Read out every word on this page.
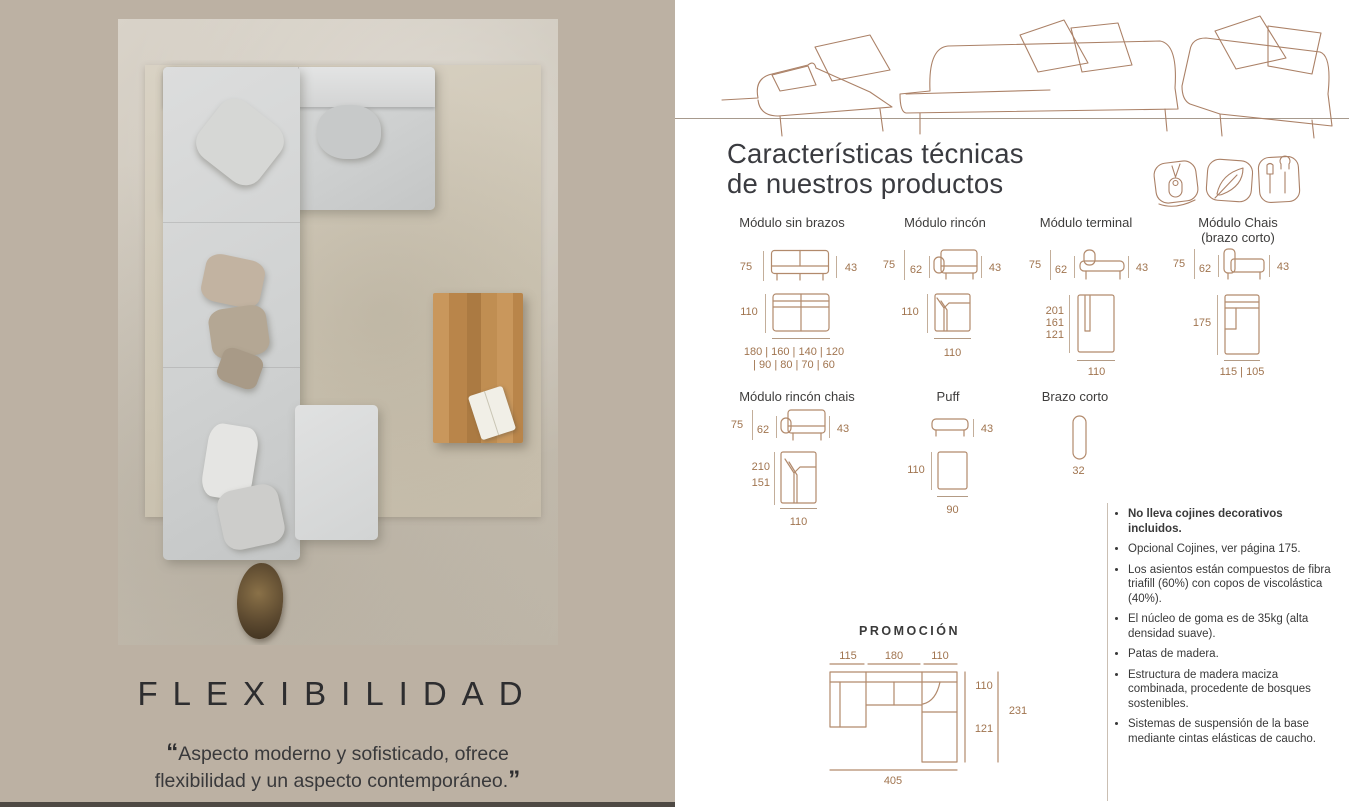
FLEXIBILIDAD
“Aspecto moderno y sofisticado, ofrece
flexibilidad y un aspecto contemporáneo.”
Características técnicas
de nuestros productos
Módulo sin brazos
75	43
110
180 | 160 | 140 | 120
| 90 | 80 | 70 | 60
Módulo rincón
75	62	43
110
110
Módulo terminal
75	62	43
201
161
121
110
Módulo Chais
(brazo corto)
75	62	43
175
115 | 105
Módulo rincón chais
75	62	43
210
151
110
Puff
43
110
90
Brazo corto
32
• No lleva cojines decorativos incluidos.
• Opcional Cojines, ver página 175.
• Los asientos están compuestos de fibra triafill (60%) con copos de viscolástica (40%).
• El núcleo de goma es de 35kg (alta densidad suave).
• Patas de madera.
• Estructura de madera maciza combinada, procedente de bosques sostenibles.
• Sistemas de suspensión de la base mediante cintas elásticas de caucho.
PROMOCIÓN
115	180	110
110
121
231
405
